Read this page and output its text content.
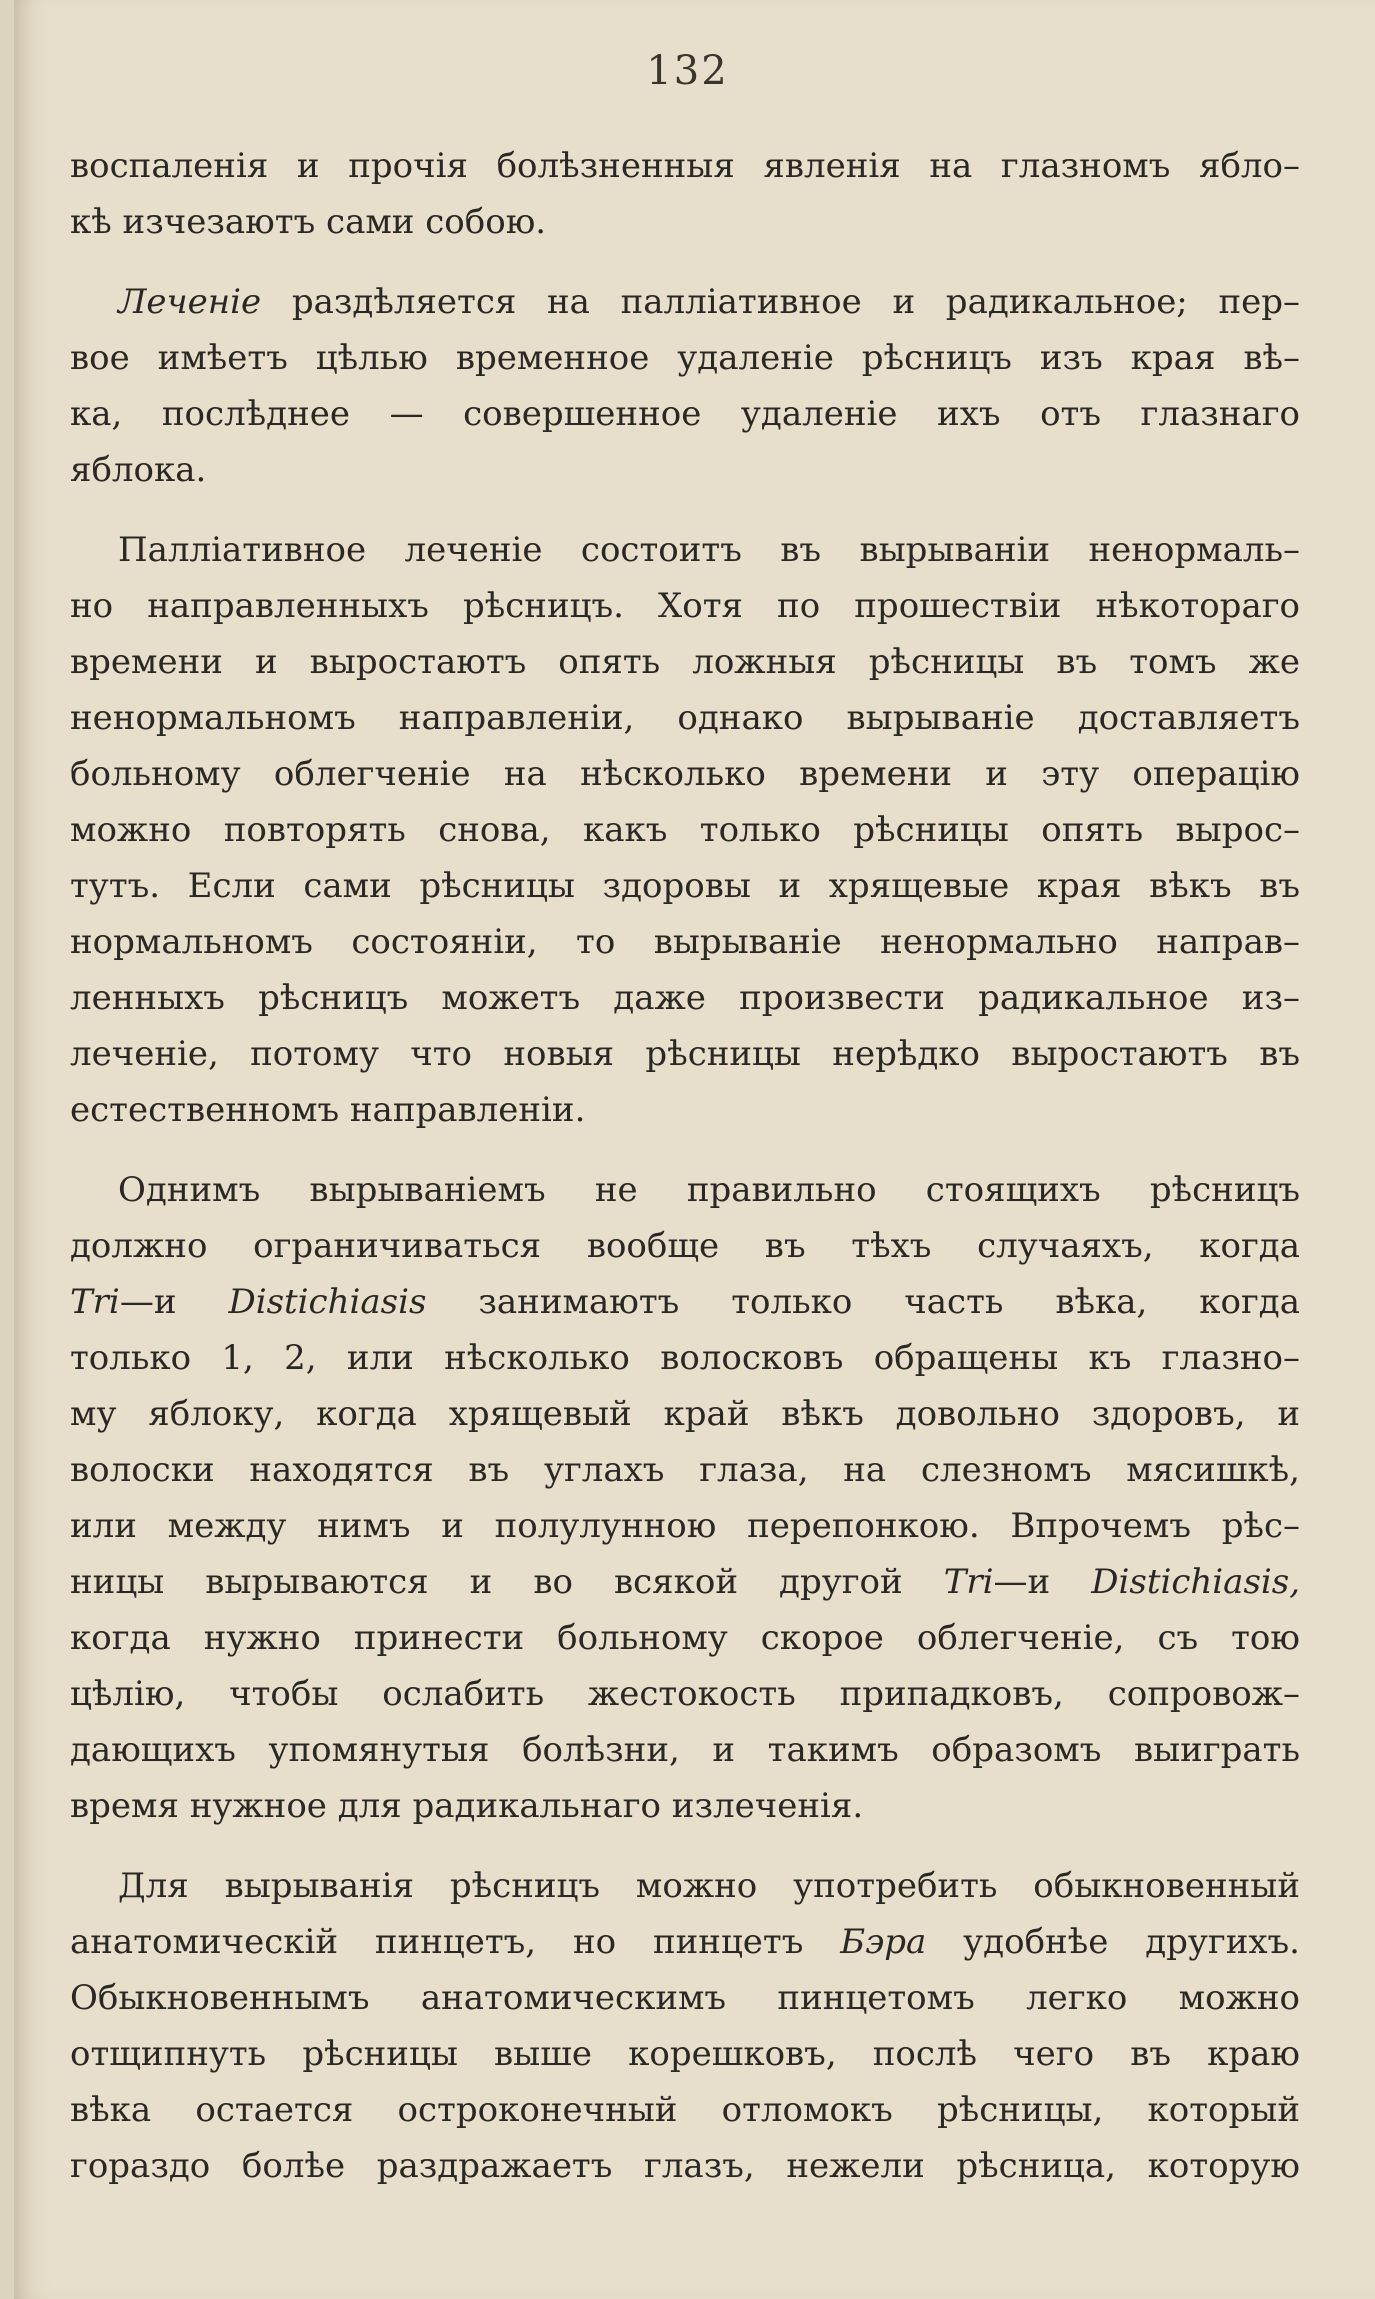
132
воспаленія и прочія болѣзненныя явленія на глазномъ ябло–
кѣ изчезаютъ сами собою.
Леченіе раздѣляется на палліативное и радикальное; пер–
вое имѣетъ цѣлью временное удаленіе рѣсницъ изъ края вѣ–
ка, послѣднее — совершенное удаленіе ихъ отъ глазнаго
яблока.
Палліативное леченіе состоитъ въ вырываніи ненормаль–
но направленныхъ рѣсницъ. Хотя по прошествіи нѣкотораго
времени и выростаютъ опять ложныя рѣсницы въ томъ же
ненормальномъ направленіи, однако вырываніе доставляетъ
больному облегченіе на нѣсколько времени и эту операцію
можно повторять снова, какъ только рѣсницы опять вырос–
тутъ. Если сами рѣсницы здоровы и хрящевые края вѣкъ въ
нормальномъ состояніи, то вырываніе ненормально направ–
ленныхъ рѣсницъ можетъ даже произвести радикальное из–
леченіе, потому что новыя рѣсницы нерѣдко выростаютъ въ
естественномъ направленіи.
Однимъ вырываніемъ не правильно стоящихъ рѣсницъ
должно ограничиваться вообще въ тѣхъ случаяхъ, когда
Tri—и Distichiasis занимаютъ только часть вѣка, когда
только 1, 2, или нѣсколько волосковъ обращены къ глазно–
му яблоку, когда хрящевый край вѣкъ довольно здоровъ, и
волоски находятся въ углахъ глаза, на слезномъ мясишкѣ,
или между нимъ и полулунною перепонкою. Впрочемъ рѣс–
ницы вырываются и во всякой другой Tri—и Distichiasis,
когда нужно принести больному скорое облегченіе, съ тою
цѣлію, чтобы ослабить жестокость припадковъ, сопровож–
дающихъ упомянутыя болѣзни, и такимъ образомъ выиграть
время нужное для радикальнаго излеченія.
Для вырыванія рѣсницъ можно употребить обыкновенный
анатомическій пинцетъ, но пинцетъ Бэра удобнѣе другихъ.
Обыкновеннымъ анатомическимъ пинцетомъ легко можно
отщипнуть рѣсницы выше корешковъ, послѣ чего въ краю
вѣка остается остроконечный отломокъ рѣсницы, который
гораздо болѣе раздражаетъ глазъ, нежели рѣсница, которую
